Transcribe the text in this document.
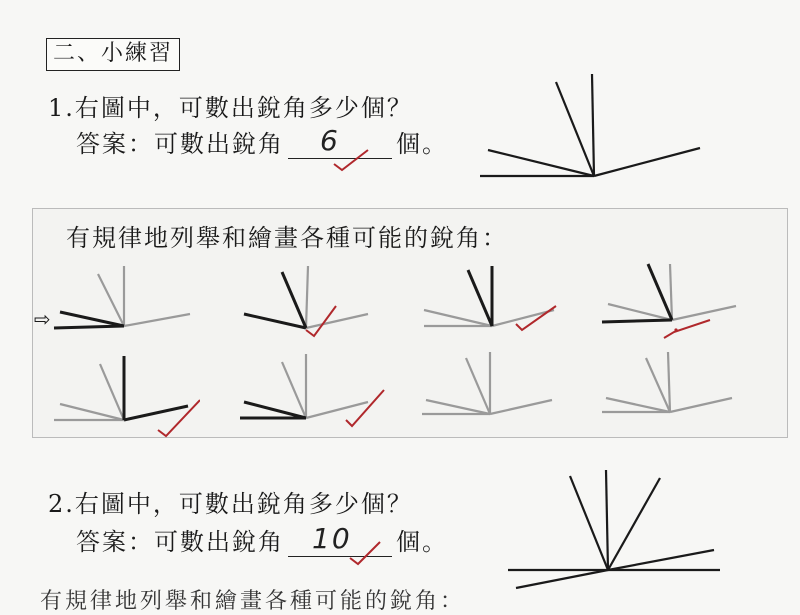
二、小練習
1.右圖中，可數出銳角多少個？
答案：可數出銳角 6 個。
有規律地列舉和繪畫各種可能的銳角：
⇨
2.右圖中，可數出銳角多少個？
答案：可數出銳角 10 個。
有規律地列舉和繪畫各種可能的銳角：
